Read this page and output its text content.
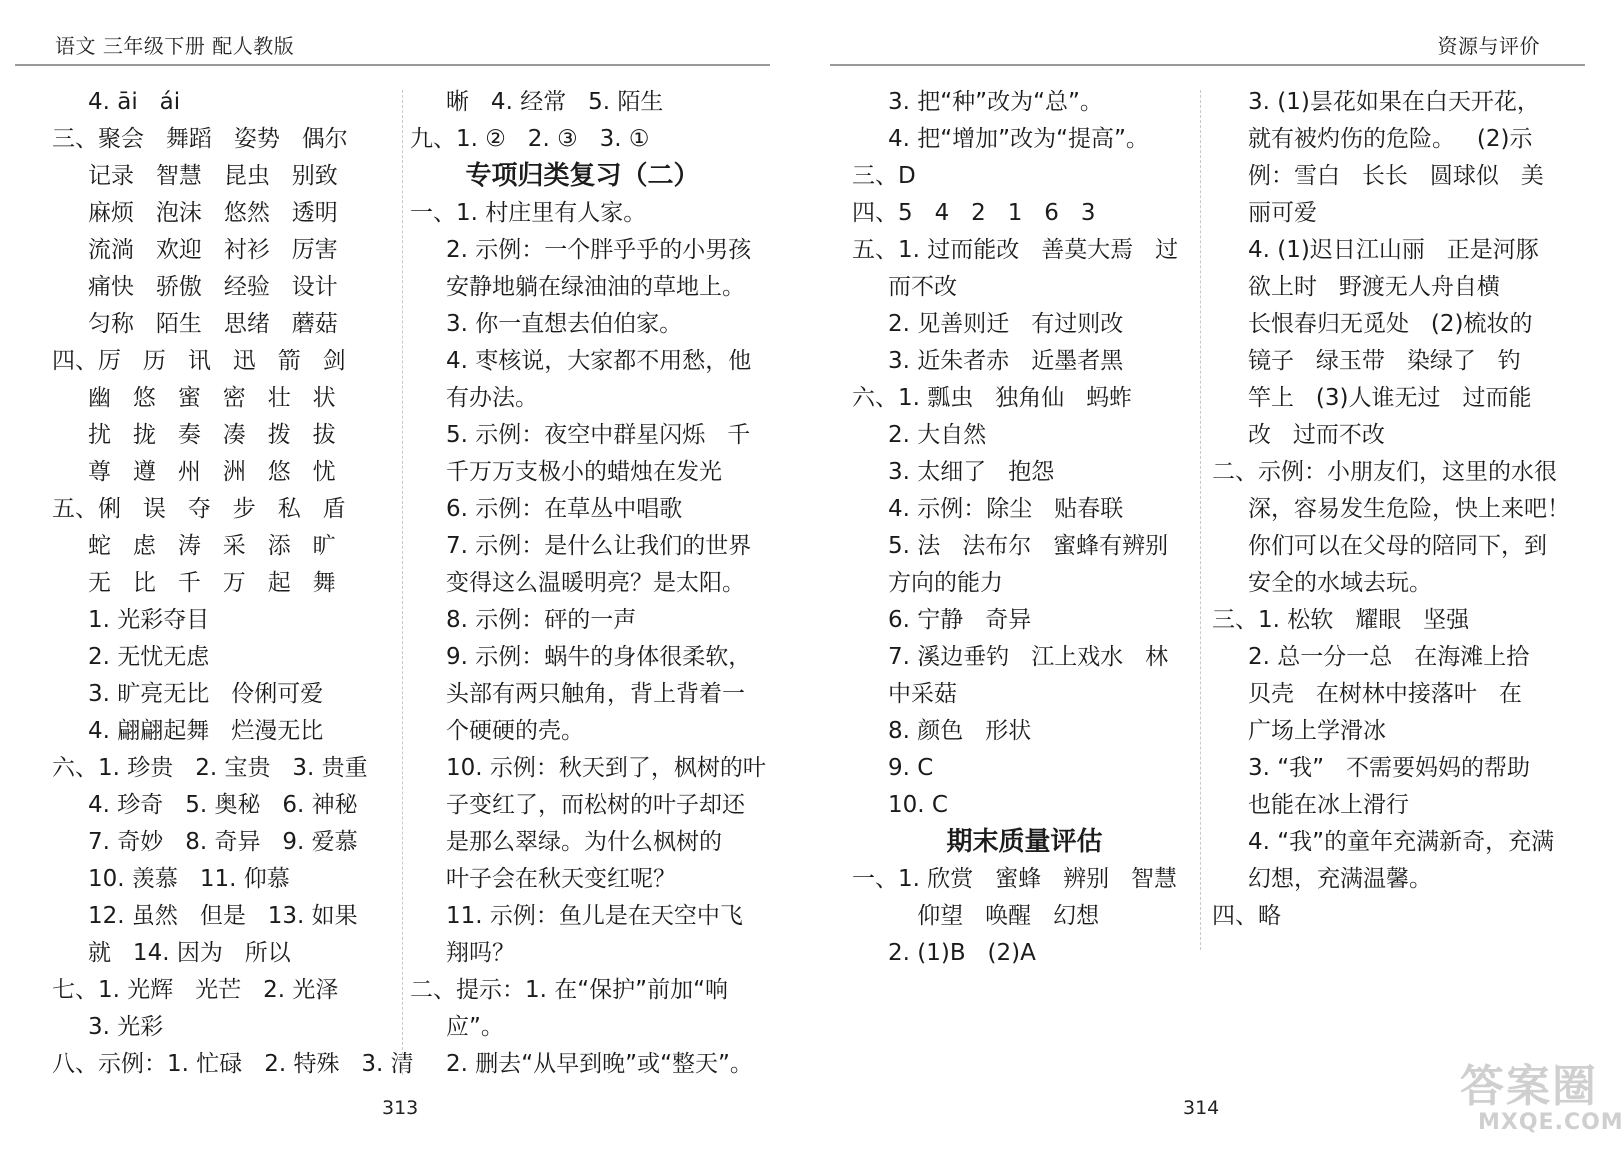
语文 三年级下册 配人教版	资源与评价
4. āi   ái
三、聚会   舞蹈   姿势   偶尔
记录   智慧   昆虫   别致
麻烦   泡沫   悠然   透明
流淌   欢迎   衬衫   厉害
痛快   骄傲   经验   设计
匀称   陌生   思绪   蘑菇
四、厉   历   讯   迅   箭   剑
幽   悠   蜜   密   壮   状
扰   拢   奏   凑   拨   拔
尊   遵   州   洲   悠   忧
五、俐   误   夺   步   私   盾
蛇   虑   涛   采   添   旷
无   比   千   万   起   舞
1. 光彩夺目
2. 无忧无虑
3. 旷亮无比   伶俐可爱
4. 翩翩起舞   烂漫无比
六、1. 珍贵   2. 宝贵   3. 贵重
4. 珍奇   5. 奥秘   6. 神秘
7. 奇妙   8. 奇异   9. 爱慕
10. 羡慕   11. 仰慕
12. 虽然   但是   13. 如果
就   14. 因为   所以
七、1. 光辉   光芒   2. 光泽
3. 光彩
八、示例：1. 忙碌   2. 特殊   3. 清
晰   4. 经常   5. 陌生
九、1. ②   2. ③   3. ①
专项归类复习（二）
一、1. 村庄里有人家。
2. 示例：一个胖乎乎的小男孩
安静地躺在绿油油的草地上。
3. 你一直想去伯伯家。
4. 枣核说，大家都不用愁，他
有办法。
5. 示例：夜空中群星闪烁   千
千万万支极小的蜡烛在发光
6. 示例：在草丛中唱歌
7. 示例：是什么让我们的世界
变得这么温暖明亮？是太阳。
8. 示例：砰的一声
9. 示例：蜗牛的身体很柔软，
头部有两只触角，背上背着一
个硬硬的壳。
10. 示例：秋天到了，枫树的叶
子变红了，而松树的叶子却还
是那么翠绿。为什么枫树的
叶子会在秋天变红呢？
11. 示例：鱼儿是在天空中飞
翔吗？
二、提示：1. 在“保护”前加“响
应”。
2. 删去“从早到晚”或“整天”。
3. 把“种”改为“总”。
4. 把“增加”改为“提高”。
三、D
四、5   4   2   1   6   3
五、1. 过而能改   善莫大焉   过
而不改
2. 见善则迁   有过则改
3. 近朱者赤   近墨者黑
六、1. 瓢虫   独角仙   蚂蚱
2. 大自然
3. 太细了   抱怨
4. 示例：除尘   贴春联
5. 法   法布尔   蜜蜂有辨别
方向的能力
6. 宁静   奇异
7. 溪边垂钓   江上戏水   林
中采菇
8. 颜色   形状
9. C
10. C
期末质量评估
一、1. 欣赏   蜜蜂   辨别   智慧
仰望   唤醒   幻想
2. (1)B   (2)A
3. (1)昙花如果在白天开花，
就有被灼伤的危险。   (2)示
例：雪白   长长   圆球似   美
丽可爱
4. (1)迟日江山丽   正是河豚
欲上时   野渡无人舟自横
长恨春归无觅处   (2)梳妆的
镜子   绿玉带   染绿了   钓
竿上   (3)人谁无过   过而能
改   过而不改
二、示例：小朋友们，这里的水很
深，容易发生危险，快上来吧！
你们可以在父母的陪同下，到
安全的水域去玩。
三、1. 松软   耀眼   坚强
2. 总一分一总   在海滩上拾
贝壳   在树林中接落叶   在
广场上学滑冰
3. “我”   不需要妈妈的帮助
也能在冰上滑行
4. “我”的童年充满新奇，充满
幻想，充满温馨。
四、略
313	314	答案圈
MXQE.COM
